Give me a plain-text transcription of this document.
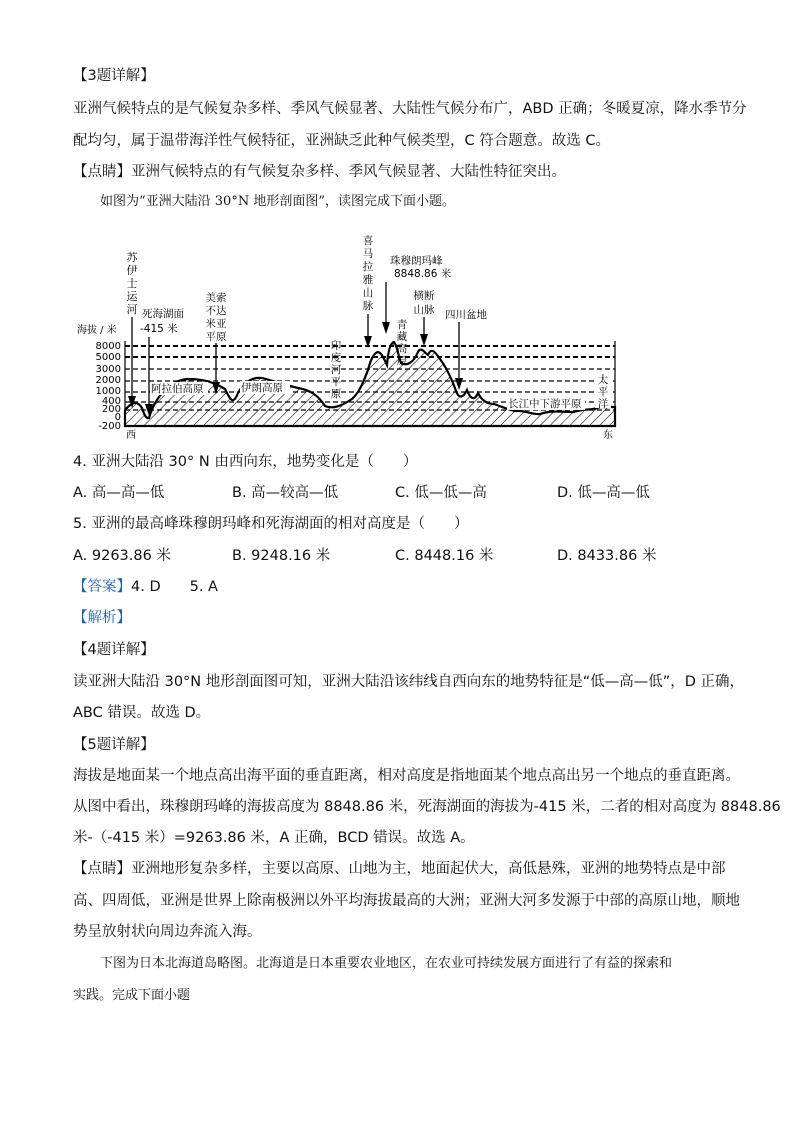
【3题详解】
亚洲气候特点的是气候复杂多样、季风气候显著、大陆性气候分布广，ABD 正确；冬暖夏凉，降水季节分
配均匀，属于温带海洋性气候特征，亚洲缺乏此种气候类型，C 符合题意。故选 C。
【点睛】亚洲气候特点的有气候复杂多样、季风气候显著、大陆性特征突出。
如图为“亚洲大陆沿 30°N 地形剖面图”，读图完成下面小题。
海拔 / 米
8000
5000
3000
2000
1000
400
200
0
-200
西	东
苏
伊
士
运
河 死海湖面
-415 米
美索
不达
米亚
平原
阿拉伯高原	伊朗高原
印
度
河
平
原
喜
马
拉
雅
山
脉
珠穆朗玛峰
8848.86 米
青
藏
高
原
横断
山脉 四川盆地
太
平
洋
长江中下游平原
4. 亚洲大陆沿 30° N 由西向东，地势变化是（　　）
A. 高—高—低	B. 高—较高—低	C. 低—低—高	D. 低—高—低
5. 亚洲的最高峰珠穆朗玛峰和死海湖面的相对高度是（　　）
A. 9263.86 米	B. 9248.16 米	C. 8448.16 米	D. 8433.86 米
【答案】4. D　　5. A
【解析】
【4题详解】
读亚洲大陆沿 30°N 地形剖面图可知，亚洲大陆沿该纬线自西向东的地势特征是“低—高—低”，D 正确，
ABC 错误。故选 D。
【5题详解】
海拔是地面某一个地点高出海平面的垂直距离，相对高度是指地面某个地点高出另一个地点的垂直距离。
从图中看出，珠穆朗玛峰的海拔高度为 8848.86 米，死海湖面的海拔为-415 米，二者的相对高度为 8848.86
米-（-415 米）=9263.86 米，A 正确，BCD 错误。故选 A。
【点睛】亚洲地形复杂多样，主要以高原、山地为主，地面起伏大，高低悬殊，亚洲的地势特点是中部
高、四周低，亚洲是世界上除南极洲以外平均海拔最高的大洲；亚洲大河多发源于中部的高原山地，顺地
势呈放射状向周边奔流入海。
下图为日本北海道岛略图。北海道是日本重要农业地区，在农业可持续发展方面进行了有益的探索和
实践。完成下面小题
